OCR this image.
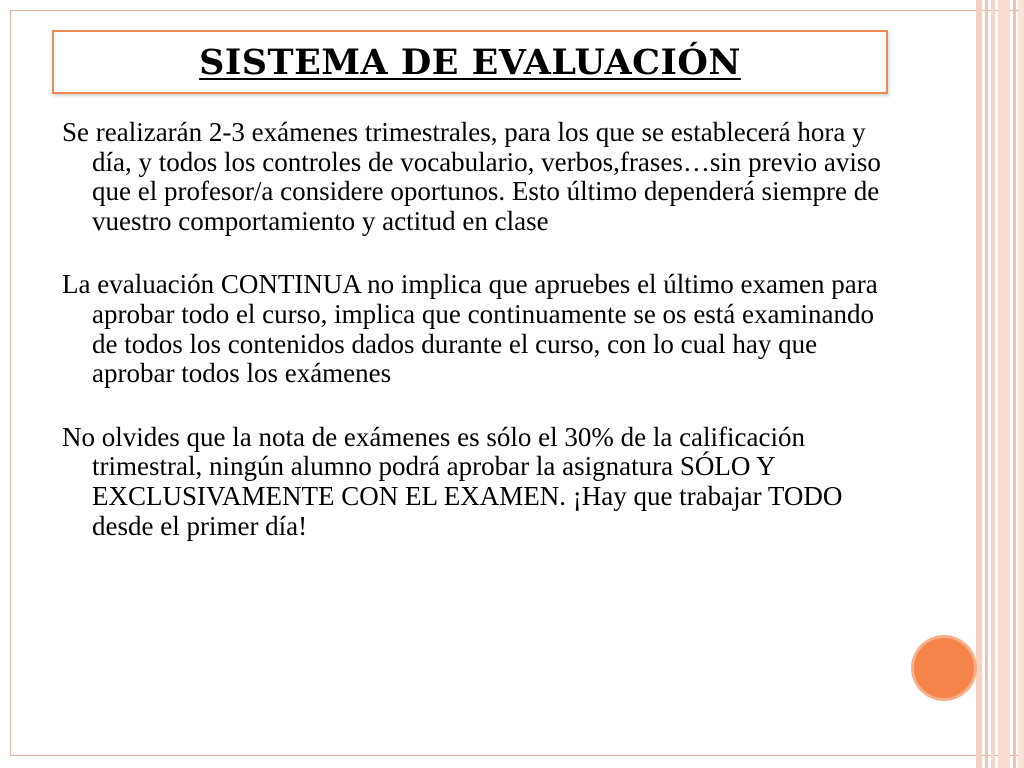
SISTEMA DE EVALUACIÓN

Se realizarán 2-3 exámenes trimestrales, para los que se establecerá hora y día, y todos los controles de vocabulario, verbos,frases…sin previo aviso que el profesor/a considere oportunos. Esto último dependerá siempre de vuestro comportamiento y actitud en clase

La evaluación CONTINUA no implica que apruebes el último examen para aprobar todo el curso, implica que continuamente se os está examinando de todos los contenidos dados durante el curso, con lo cual hay que aprobar todos los exámenes

No olvides que la nota de exámenes es sólo el 30% de la calificación trimestral, ningún alumno podrá aprobar la asignatura SÓLO Y EXCLUSIVAMENTE CON EL EXAMEN. ¡Hay que trabajar TODO desde el primer día!
